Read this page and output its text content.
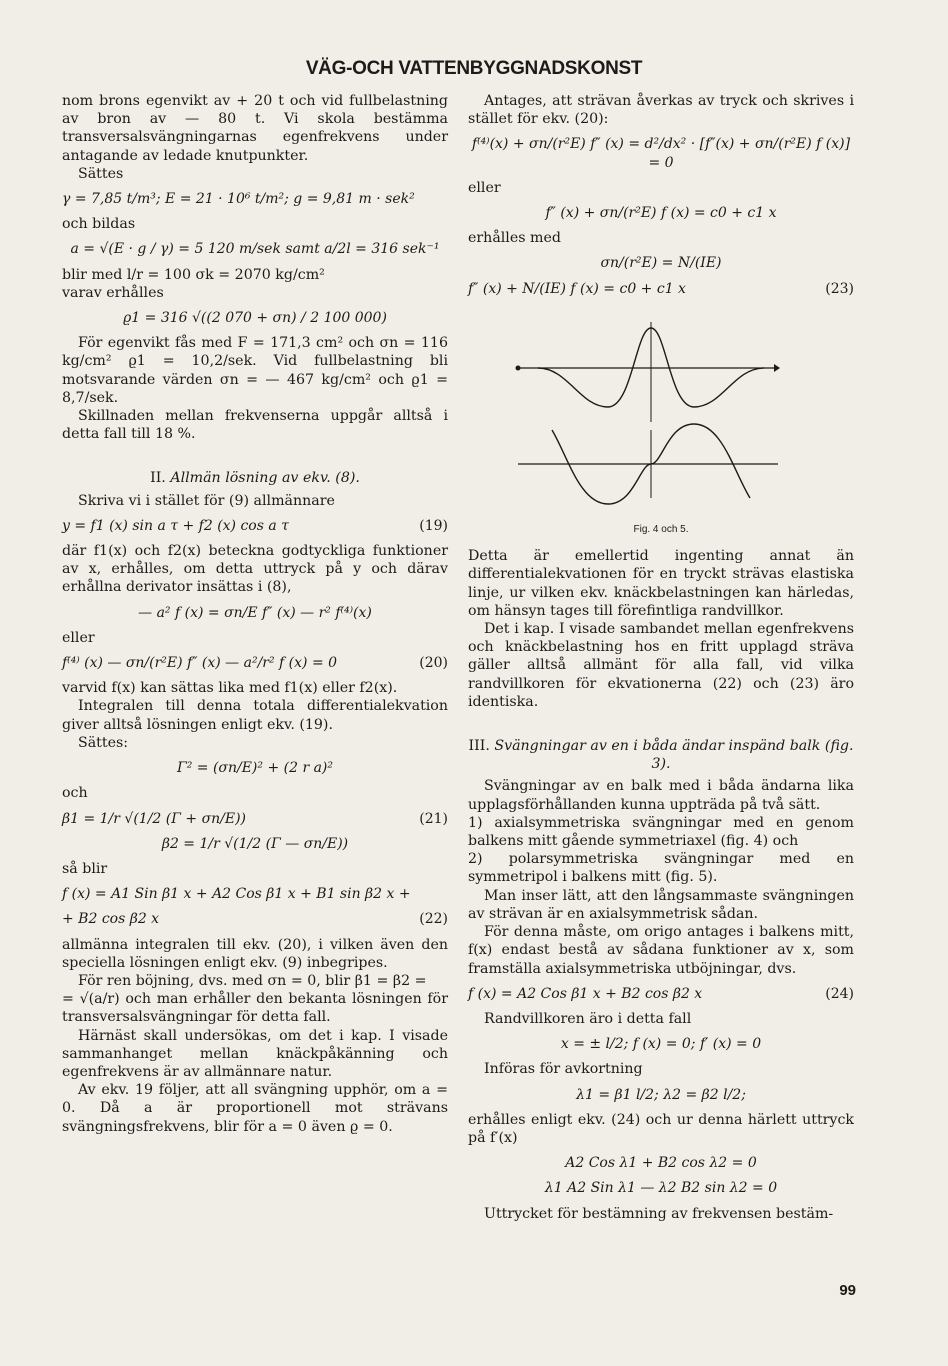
VÄG-OCH VATTENBYGGNADSKONST

nom brons egenvikt av + 20 t och vid fullbelastning av bron av — 80 t. Vi skola bestämma transversalsvängningarnas egenfrekvens under antagande av ledade knutpunkter.

Sättes

γ = 7,85 t/m³; E = 21 · 10⁶ t/m²; g = 9,81 m · sek²

och bildas

a = √(E · g / γ) = 5 120 m/sek samt a/2l = 316 sek⁻¹

blir med l/r = 100 σk = 2070 kg/cm²

varav erhålles

ϱ1 = 316 √((2 070 + σn) / 2 100 000)

För egenvikt fås med F = 171,3 cm² och σn = 116 kg/cm² ϱ1 = 10,2/sek. Vid fullbelastning bli motsvarande värden σn = — 467 kg/cm² och ϱ1 = 8,7/sek.

Skillnaden mellan frekvenserna uppgår alltså i detta fall till 18 %.

II. Allmän lösning av ekv. (8).

Skriva vi i stället för (9) allmännare

y = f1 (x) sin a τ + f2 (x) cos a τ	(19)

där f1(x) och f2(x) beteckna godtyckliga funktioner av x, erhålles, om detta uttryck på y och därav erhållna derivator insättas i (8),

— a² f (x) = σn/E f″ (x) — r² f⁽⁴⁾(x)

eller

f⁽⁴⁾ (x) — σn/(r²E) f″ (x) — a²/r² f (x) = 0	(20)

varvid f(x) kan sättas lika med f1(x) eller f2(x).

Integralen till denna totala differentialekvation giver alltså lösningen enligt ekv. (19).

Sättes:

Γ² = (σn/E)² + (2 r a)²

och

β1 = 1/r √(1/2 (Γ + σn/E))	(21)
β2 = 1/r √(1/2 (Γ — σn/E))

så blir

f (x) = A1 Sin β1 x + A2 Cos β1 x + B1 sin β2 x +
+ B2 cos β2 x	(22)

allmänna integralen till ekv. (20), i vilken även den speciella lösningen enligt ekv. (9) inbegripes.

För ren böjning, dvs. med σn = 0, blir β1 = β2 =

= √(a/r) och man erhåller den bekanta lösningen för transversalsvängningar för detta fall.

Härnäst skall undersökas, om det i kap. I visade sammanhanget mellan knäckpåkänning och egenfrekvens är av allmännare natur.

Av ekv. 19 följer, att all svängning upphör, om a = 0. Då a är proportionell mot strävans svängningsfrekvens, blir för a = 0 även ϱ = 0.

Antages, att strävan åverkas av tryck och skrives i stället för ekv. (20):

f⁽⁴⁾(x) + σn/(r²E) f″ (x) = d²/dx² · [f″(x) + σn/(r²E) f (x)] = 0

eller

f″ (x) + σn/(r²E) f (x) = c0 + c1 x

erhålles med

σn/(r²E) = N/(IE)
f″ (x) + N/(IE) f (x) = c0 + c1 x	(23)
Fig. 4 och 5.

Detta är emellertid ingenting annat än differentialekvationen för en tryckt strävas elastiska linje, ur vilken ekv. knäckbelastningen kan härledas, om hänsyn tages till förefintliga randvillkor.

Det i kap. I visade sambandet mellan egenfrekvens och knäckbelastning hos en fritt upplagd sträva gäller alltså allmänt för alla fall, vid vilka randvillkoren för ekvationerna (22) och (23) äro identiska.

III. Svängningar av en i båda ändar inspänd balk (fig. 3).

Svängningar av en balk med i båda ändarna lika upplagsförhållanden kunna uppträda på två sätt.

1) axialsymmetriska svängningar med en genom balkens mitt gående symmetriaxel (fig. 4) och

2) polarsymmetriska svängningar med en symmetripol i balkens mitt (fig. 5).

Man inser lätt, att den långsammaste svängningen av strävan är en axialsymmetrisk sådan.

För denna måste, om origo antages i balkens mitt, f(x) endast bestå av sådana funktioner av x, som framställa axialsymmetriska utböjningar, dvs.

f (x) = A2 Cos β1 x + B2 cos β2 x	(24)

Randvillkoren äro i detta fall

x = ± l/2; f (x) = 0; f′ (x) = 0

Införas för avkortning

λ1 = β1 l/2; λ2 = β2 l/2;

erhålles enligt ekv. (24) och ur denna härlett uttryck på f′(x)

A2 Cos λ1 + B2 cos λ2 = 0
λ1 A2 Sin λ1 — λ2 B2 sin λ2 = 0

Uttrycket för bestämning av frekvensen bestäm-

99
